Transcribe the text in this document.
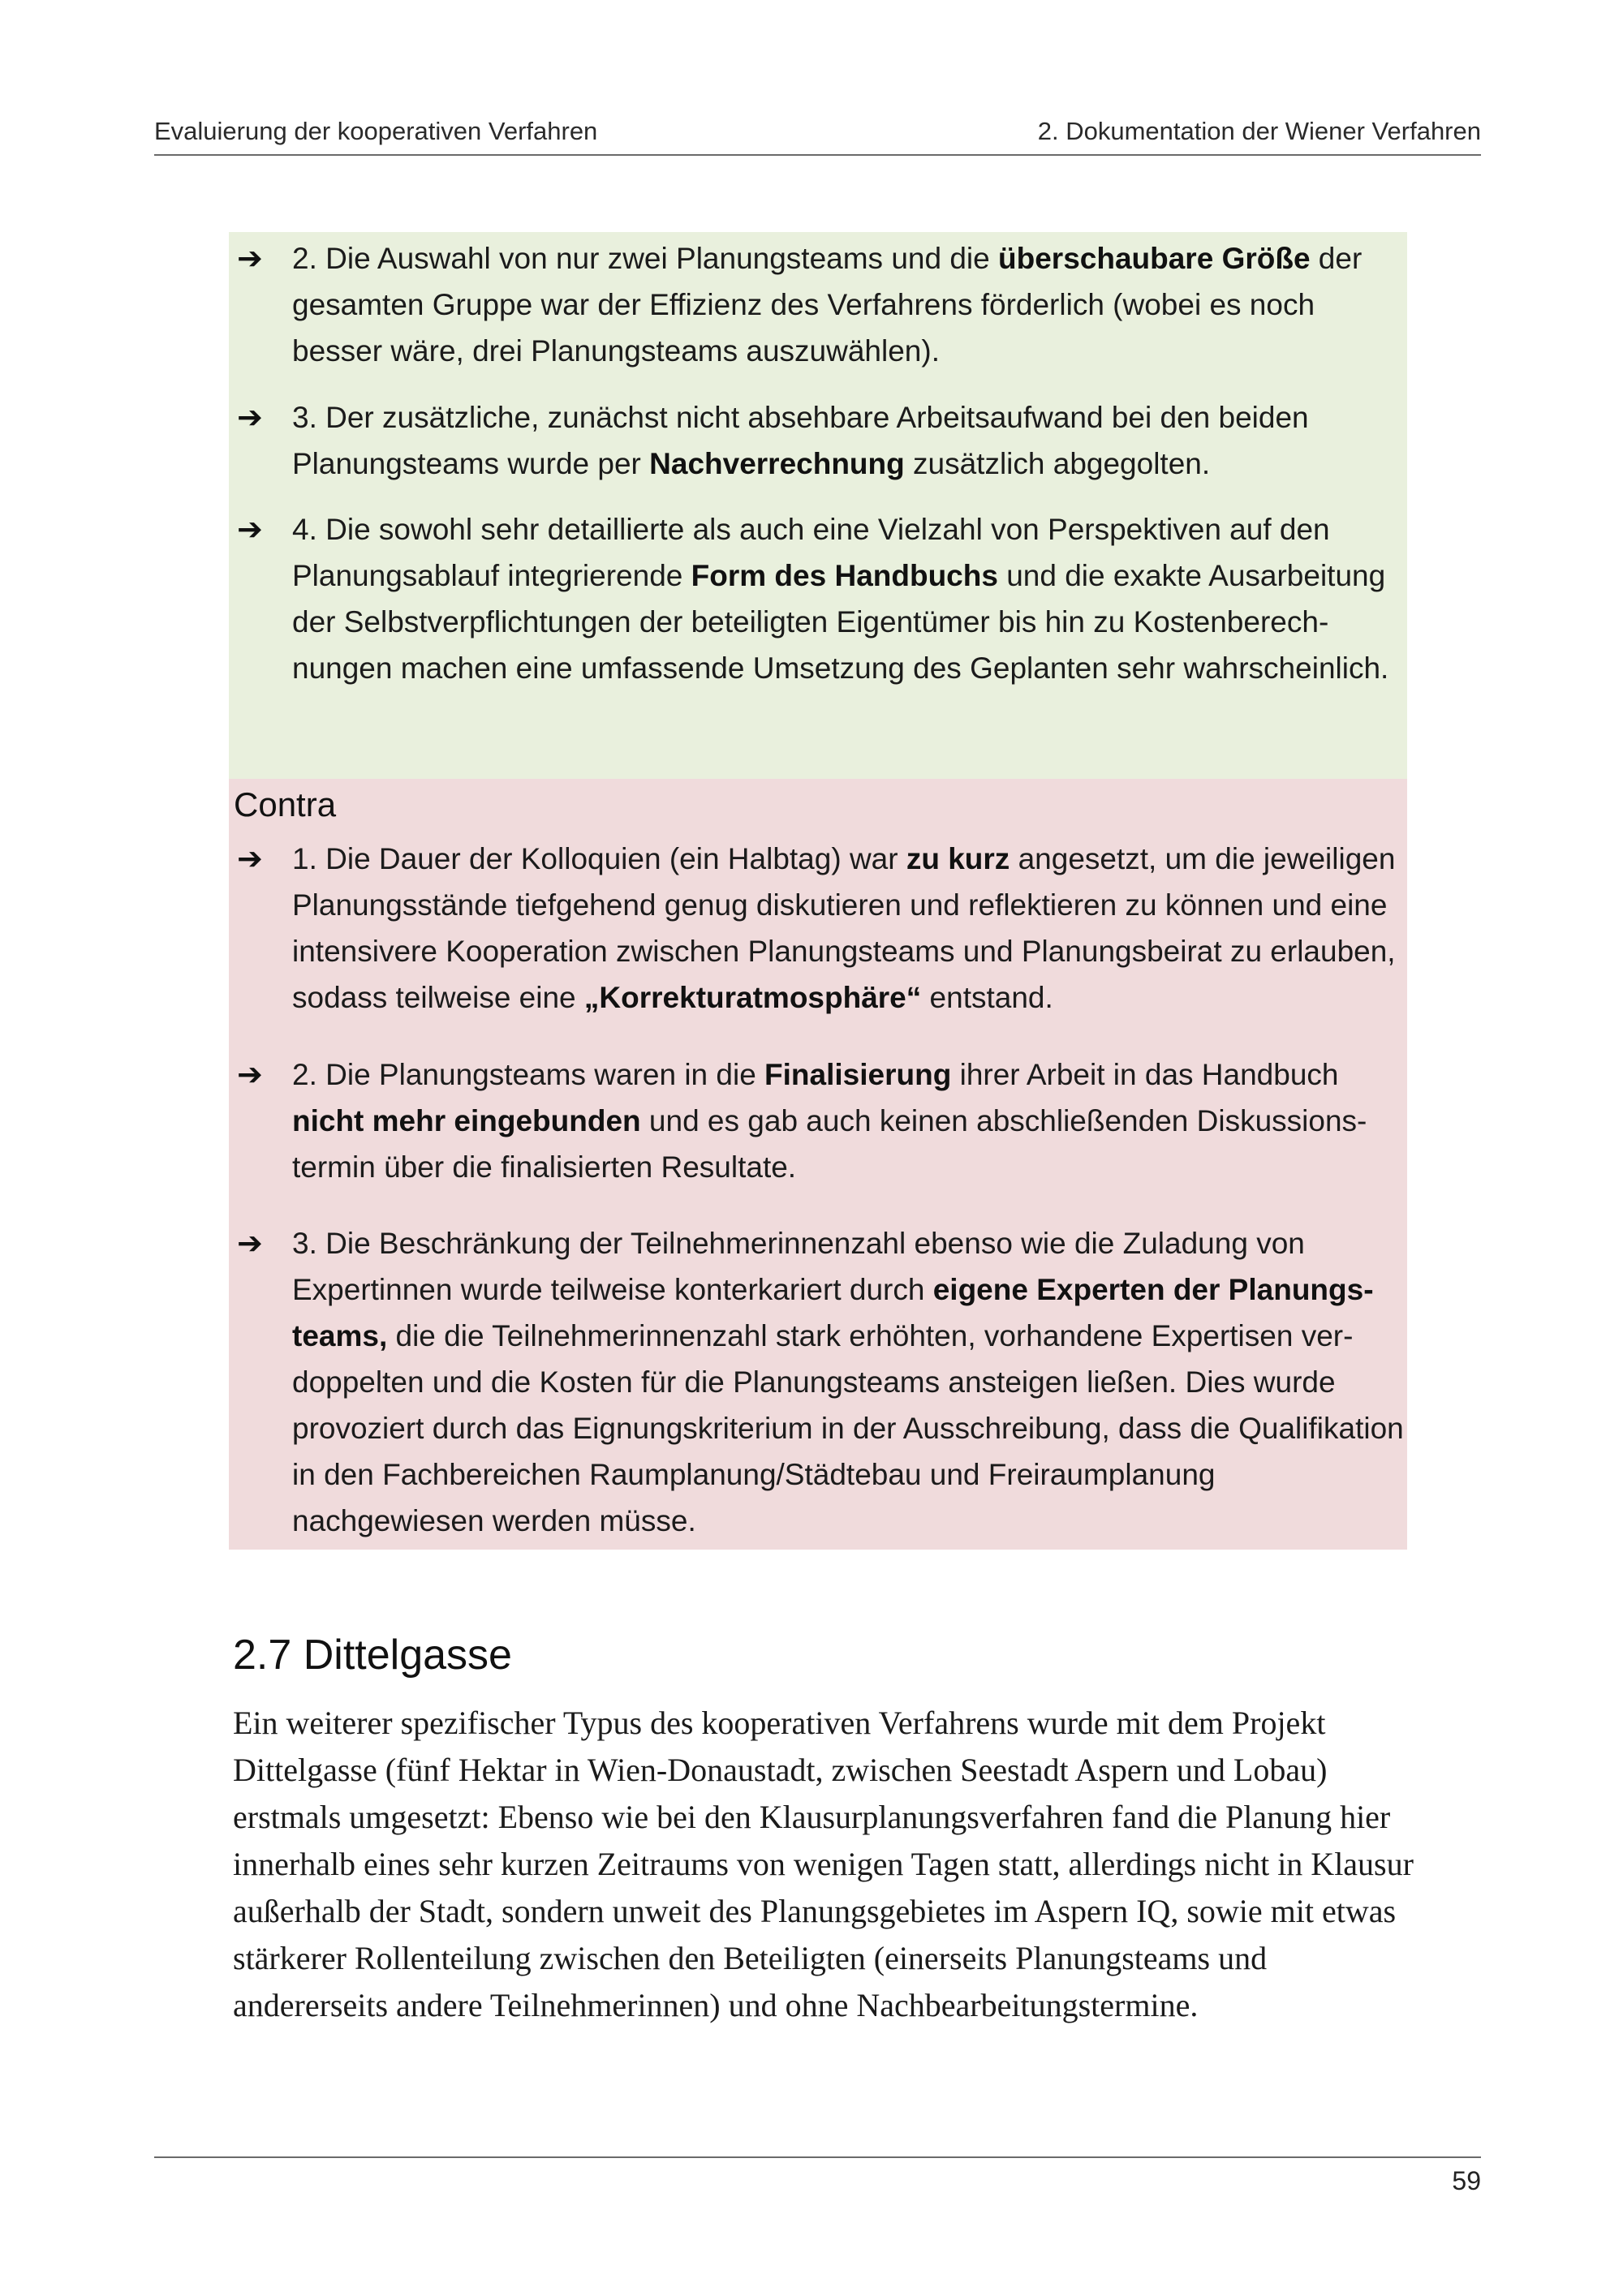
Evaluierung der kooperativen Verfahren	2. Dokumentation der Wiener Verfahren
➔ 2. Die Auswahl von nur zwei Planungsteams und die überschaubare Größe der gesamten Gruppe war der Effizienz des Verfahrens förderlich (wobei es noch besser wäre, drei Planungsteams auszuwählen).
➔ 3. Der zusätzliche, zunächst nicht absehbare Arbeitsaufwand bei den beiden Planungsteams wurde per Nachverrechnung zusätzlich abgegolten.
➔ 4. Die sowohl sehr detaillierte als auch eine Vielzahl von Perspektiven auf den Planungsablauf integrierende Form des Handbuchs und die exakte Ausarbeitung der Selbstverpflichtungen der beteiligten Eigentümer bis hin zu Kostenberechnungen machen eine umfassende Umsetzung des Geplanten sehr wahrscheinlich.
Contra
➔ 1. Die Dauer der Kolloquien (ein Halbtag) war zu kurz angesetzt, um die jeweiligen Planungsstände tiefgehend genug diskutieren und reflektieren zu können und eine intensivere Kooperation zwischen Planungsteams und Planungsbeirat zu erlauben, sodass teilweise eine „Korrekturatmosphäre“ entstand.
➔ 2. Die Planungsteams waren in die Finalisierung ihrer Arbeit in das Handbuch nicht mehr eingebunden und es gab auch keinen abschließenden Diskussionstermin über die finalisierten Resultate.
➔ 3. Die Beschränkung der Teilnehmerinnenzahl ebenso wie die Zuladung von Expertinnen wurde teilweise konterkariert durch eigene Experten der Planungsteams, die die Teilnehmerinnenzahl stark erhöhten, vorhandene Expertisen verdoppelten und die Kosten für die Planungsteams ansteigen ließen. Dies wurde provoziert durch das Eignungskriterium in der Ausschreibung, dass die Qualifikation in den Fachbereichen Raumplanung/Städtebau und Freiraumplanung nachgewiesen werden müsse.
2.7 Dittelgasse
Ein weiterer spezifischer Typus des kooperativen Verfahrens wurde mit dem Projekt Dittelgasse (fünf Hektar in Wien-Donaustadt, zwischen Seestadt Aspern und Lobau) erstmals umgesetzt: Ebenso wie bei den Klausurplanungsverfahren fand die Planung hier innerhalb eines sehr kurzen Zeitraums von wenigen Tagen statt, allerdings nicht in Klausur außerhalb der Stadt, sondern unweit des Planungsgebietes im Aspern IQ, sowie mit etwas stärkerer Rollenteilung zwischen den Beteiligten (einerseits Planungsteams und andererseits andere Teilnehmerinnen) und ohne Nachbearbeitungstermine.
59
